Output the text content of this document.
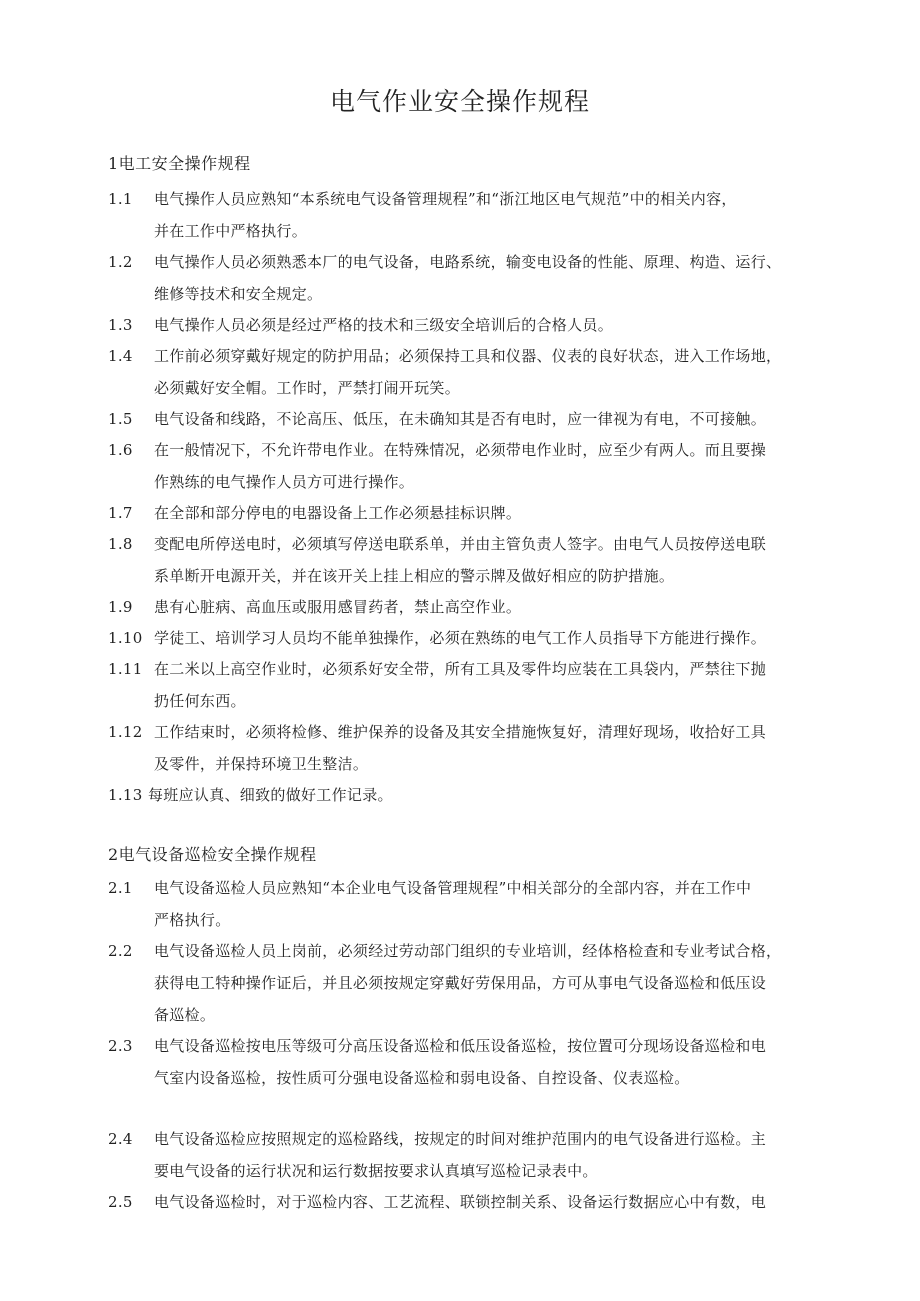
电气作业安全操作规程
1电工安全操作规程
1.1 电气操作人员应熟知“本系统电气设备管理规程”和“浙江地区电气规范”中的相关内容，
并在工作中严格执行。
1.2 电气操作人员必须熟悉本厂的电气设备，电路系统，输变电设备的性能、原理、构造、运行、
维修等技术和安全规定。
1.3 电气操作人员必须是经过严格的技术和三级安全培训后的合格人员。
1.4 工作前必须穿戴好规定的防护用品；必须保持工具和仪器、仪表的良好状态，进入工作场地，
必须戴好安全帽。工作时，严禁打闹开玩笑。
1.5 电气设备和线路，不论高压、低压，在未确知其是否有电时，应一律视为有电，不可接触。
1.6 在一般情况下，不允许带电作业。在特殊情况，必须带电作业时，应至少有两人。而且要操
作熟练的电气操作人员方可进行操作。
1.7 在全部和部分停电的电器设备上工作必须悬挂标识牌。
1.8 变配电所停送电时，必须填写停送电联系单，并由主管负责人签字。由电气人员按停送电联
系单断开电源开关，并在该开关上挂上相应的警示牌及做好相应的防护措施。
1.9 患有心脏病、高血压或服用感冒药者，禁止高空作业。
1.10 学徒工、培训学习人员均不能单独操作，必须在熟练的电气工作人员指导下方能进行操作。
1.11 在二米以上高空作业时，必须系好安全带，所有工具及零件均应装在工具袋内，严禁往下抛
扔任何东西。
1.12 工作结束时，必须将检修、维护保养的设备及其安全措施恢复好，清理好现场，收拾好工具
及零件，并保持环境卫生整洁。
1.13 每班应认真、细致的做好工作记录。
2电气设备巡检安全操作规程
2.1 电气设备巡检人员应熟知“本企业电气设备管理规程”中相关部分的全部内容，并在工作中
严格执行。
2.2 电气设备巡检人员上岗前，必须经过劳动部门组织的专业培训，经体格检查和专业考试合格，
获得电工特种操作证后，并且必须按规定穿戴好劳保用品，方可从事电气设备巡检和低压设
备巡检。
2.3 电气设备巡检按电压等级可分高压设备巡检和低压设备巡检，按位置可分现场设备巡检和电
气室内设备巡检，按性质可分强电设备巡检和弱电设备、自控设备、仪表巡检。
2.4 电气设备巡检应按照规定的巡检路线，按规定的时间对维护范围内的电气设备进行巡检。主
要电气设备的运行状况和运行数据按要求认真填写巡检记录表中。
2.5 电气设备巡检时，对于巡检内容、工艺流程、联锁控制关系、设备运行数据应心中有数，电
